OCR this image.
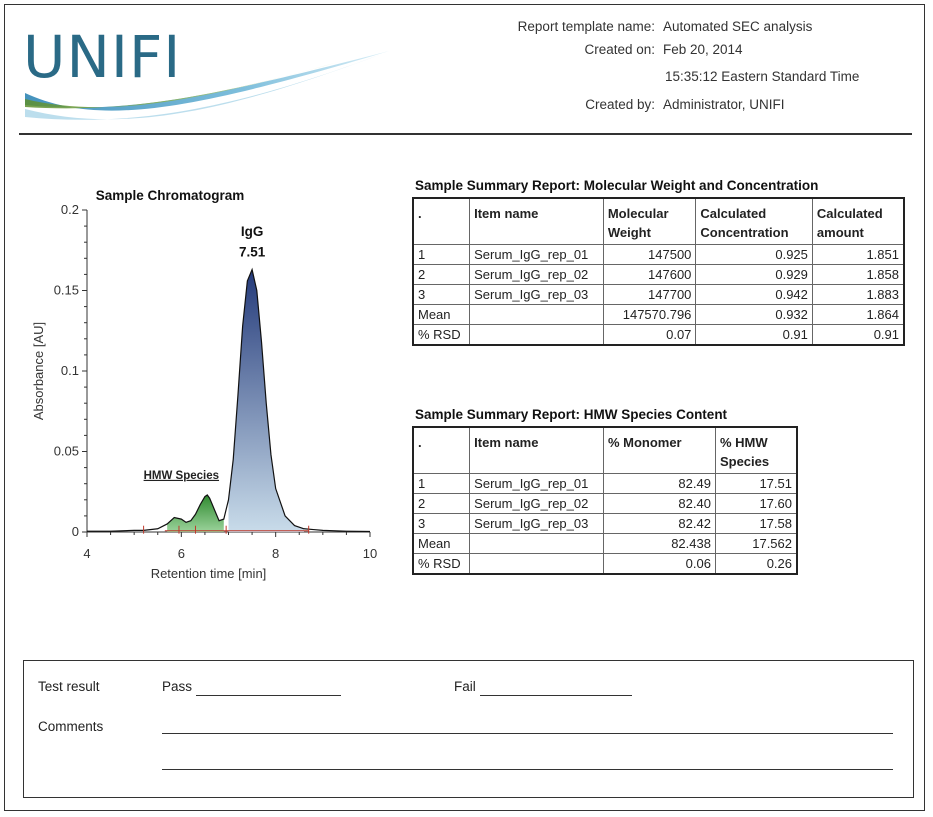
UNIFI	Report template name: Automated SEC analysis
Created on: Feb 20, 2014
15:35:12 Eastern Standard Time
Created by: Administrator, UNIFI
Sample Chromatogram
0
0.05
0.1
0.15
0.2
4	6	8	10
Retention time [min]
Absorbance [AU]
IgG
7.51
HMW Species
Sample Summary Report: Molecular Weight and Concentration
.	Item name	Molecular Weight	Calculated Concentration	Calculated amount
1	Serum_IgG_rep_01	147500	0.925	1.851
2	Serum_IgG_rep_02	147600	0.929	1.858
3	Serum_IgG_rep_03	147700	0.942	1.883
Mean		147570.796	0.932	1.864
% RSD		0.07	0.91	0.91
Sample Summary Report: HMW Species Content
.	Item name	% Monomer	% HMW Species
1	Serum_IgG_rep_01	82.49	17.51
2	Serum_IgG_rep_02	82.40	17.60
3	Serum_IgG_rep_03	82.42	17.58
Mean		82.438	17.562
% RSD		0.06	0.26
Test result	Pass	Fail
Comments
